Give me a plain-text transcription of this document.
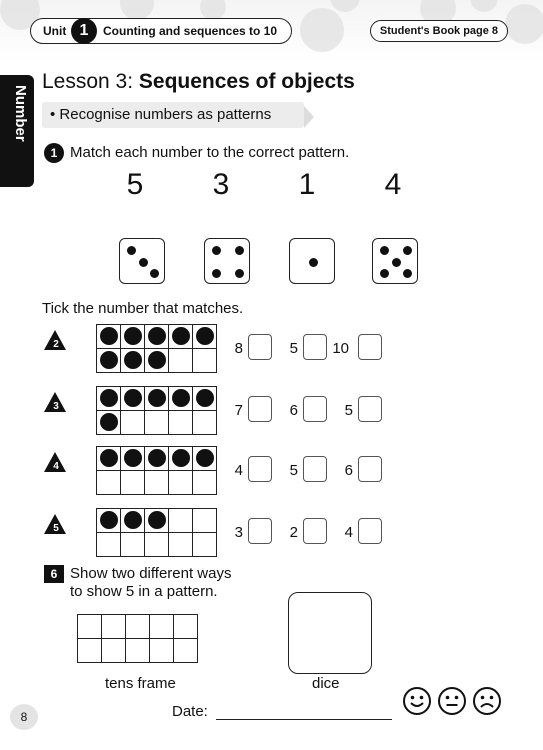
Unit 1	Counting and sequences to 10	Student's Book page 8
Number
Lesson 3: Sequences of objects
• Recognise numbers as patterns
1 Match each number to the correct pattern.
5	3	1	4
Tick the number that matches.
2

					8	5	10
3

					7	6	5
4

					4	5	6
5

					3	2	4
6 Show two different ways
to show 5 in a pattern.

tens frame	dice
8	Date:
